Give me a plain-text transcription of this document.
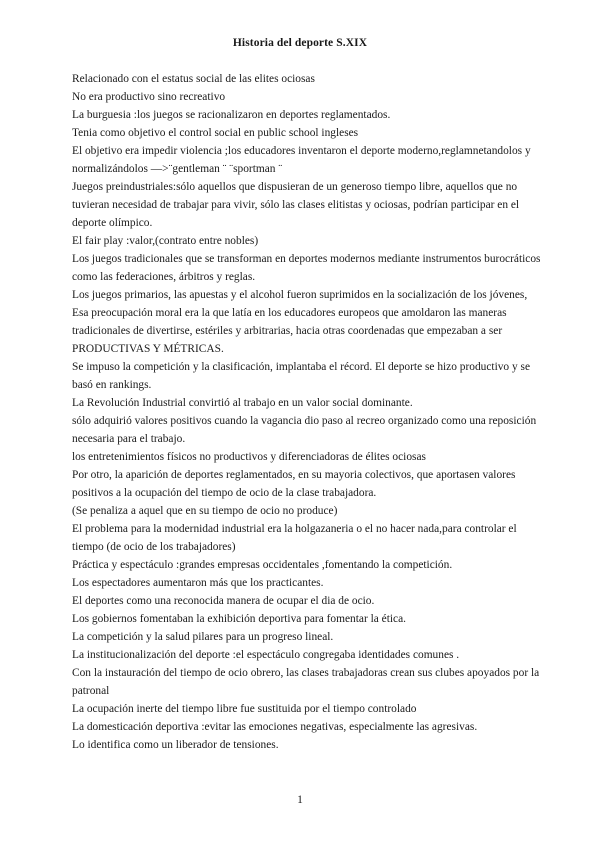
Historia del deporte S.XIX

Relacionado con el estatus social de las elites ociosas

No era productivo sino recreativo

La burguesia :los juegos se racionalizaron en deportes reglamentados.

Tenia como objetivo el control social en public school ingleses

El objetivo era impedir violencia ;los educadores inventaron el deporte moderno,reglamnetandolos y normalizándolos —>¨gentleman ¨ ¨sportman ¨

Juegos preindustriales:sólo aquellos que dispusieran de un generoso tiempo libre, aquellos que no tuvieran necesidad de trabajar para vivir, sólo las clases elitistas y ociosas, podrían participar en el deporte olímpico.

El fair play :valor,(contrato entre nobles)

Los juegos tradicionales que se transforman en deportes modernos mediante instrumentos burocráticos como las federaciones, árbitros y reglas.

Los juegos primarios, las apuestas y el alcohol fueron suprimidos en la socialización de los jóvenes,

Esa preocupación moral era la que latía en los educadores europeos que amoldaron las maneras tradicionales de divertirse, estériles y arbitrarias, hacia otras coordenadas que empezaban a ser PRODUCTIVAS Y MÉTRICAS.

Se impuso la competición y la clasificación, implantaba el récord. El deporte se hizo productivo y se basó en rankings.

La Revolución Industrial convirtió al trabajo en un valor social dominante.

sólo adquirió valores positivos cuando la vagancia dio paso al recreo organizado como una reposición necesaria para el trabajo.

los entretenimientos físicos no productivos y diferenciadoras de élites ociosas

Por otro, la aparición de deportes reglamentados, en su mayoria colectivos, que aportasen valores positivos a la ocupación del tiempo de ocio de la clase trabajadora.

(Se penaliza a aquel que en su tiempo de ocio no produce)

El problema para la modernidad industrial era la holgazaneria o el no hacer nada,para controlar el tiempo (de ocio de los trabajadores)

Práctica y espectáculo :grandes empresas occidentales ,fomentando la competición.

Los espectadores aumentaron más que los practicantes.

El deportes como una reconocida manera de ocupar el dia de ocio.

Los gobiernos fomentaban la exhibición deportiva para fomentar la ética.

La competición y la salud pilares para un progreso lineal.

La institucionalización del deporte :el espectáculo congregaba identidades comunes .

Con la instauración del tiempo de ocio obrero, las clases trabajadoras crean sus clubes apoyados por la patronal

La ocupación inerte del tiempo libre fue sustituida por el tiempo controlado

La domesticación deportiva :evitar las emociones negativas, especialmente las agresivas.

Lo identifica como un liberador de tensiones.

1
